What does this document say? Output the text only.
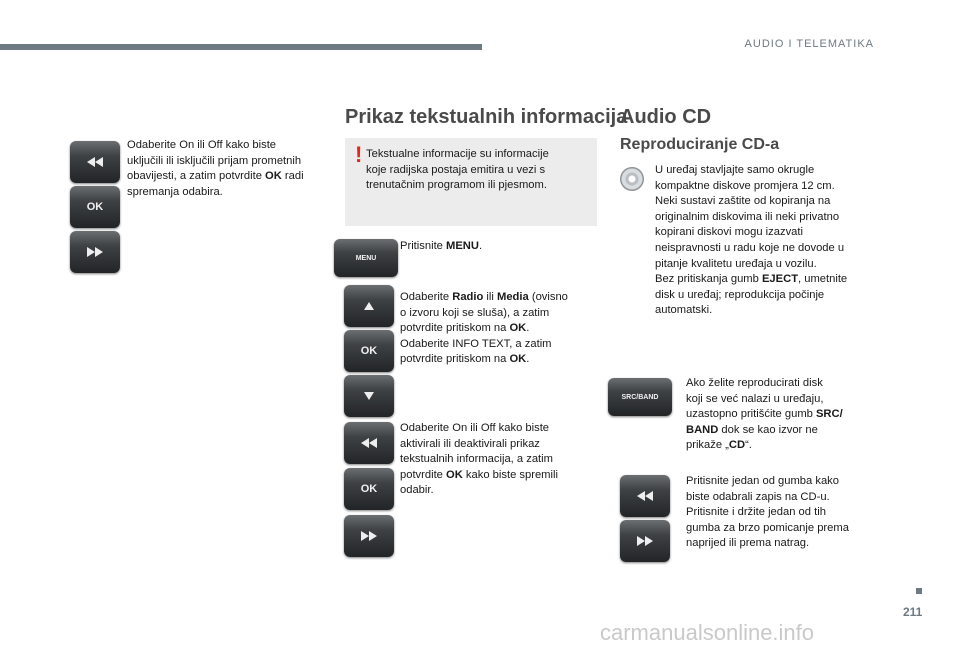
AUDIO I TELEMATIKA
OK
Odaberite On ili Off kako biste
uključili ili isključili prijam prometnih
obavijesti, a zatim potvrdite OK radi
spremanja odabira.
Prikaz tekstualnih informacija
! Tekstualne informacije su informacije
koje radijska postaja emitira u vezi s
trenutačnim programom ili pjesmom.
MENU
Pritisnite MENU.
OK
Odaberite Radio ili Media (ovisno
o izvoru koji se sluša), a zatim
potvrdite pritiskom na OK.
Odaberite INFO TEXT, a zatim
potvrdite pritiskom na OK.
OK
Odaberite On ili Off kako biste
aktivirali ili deaktivirali prikaz
tekstualnih informacija, a zatim
potvrdite OK kako biste spremili
odabir.
Audio CD
Reproduciranje CD-a
U uređaj stavljajte samo okrugle
kompaktne diskove promjera 12 cm.
Neki sustavi zaštite od kopiranja na
originalnim diskovima ili neki privatno
kopirani diskovi mogu izazvati
neispravnosti u radu koje ne dovode u
pitanje kvalitetu uređaja u vozilu.
Bez pritiskanja gumb EJECT, umetnite
disk u uređaj; reprodukcija počinje
automatski.
SRC/BAND
Ako želite reproducirati disk
koji se već nalazi u uređaju,
uzastopno pritišćite gumb SRC/
BAND dok se kao izvor ne
prikaže „CD“.
Pritisnite jedan od gumba kako
biste odabrali zapis na CD-u.
Pritisnite i držite jedan od tih
gumba za brzo pomicanje prema
naprijed ili prema natrag.
211
carmanualsonline.info
